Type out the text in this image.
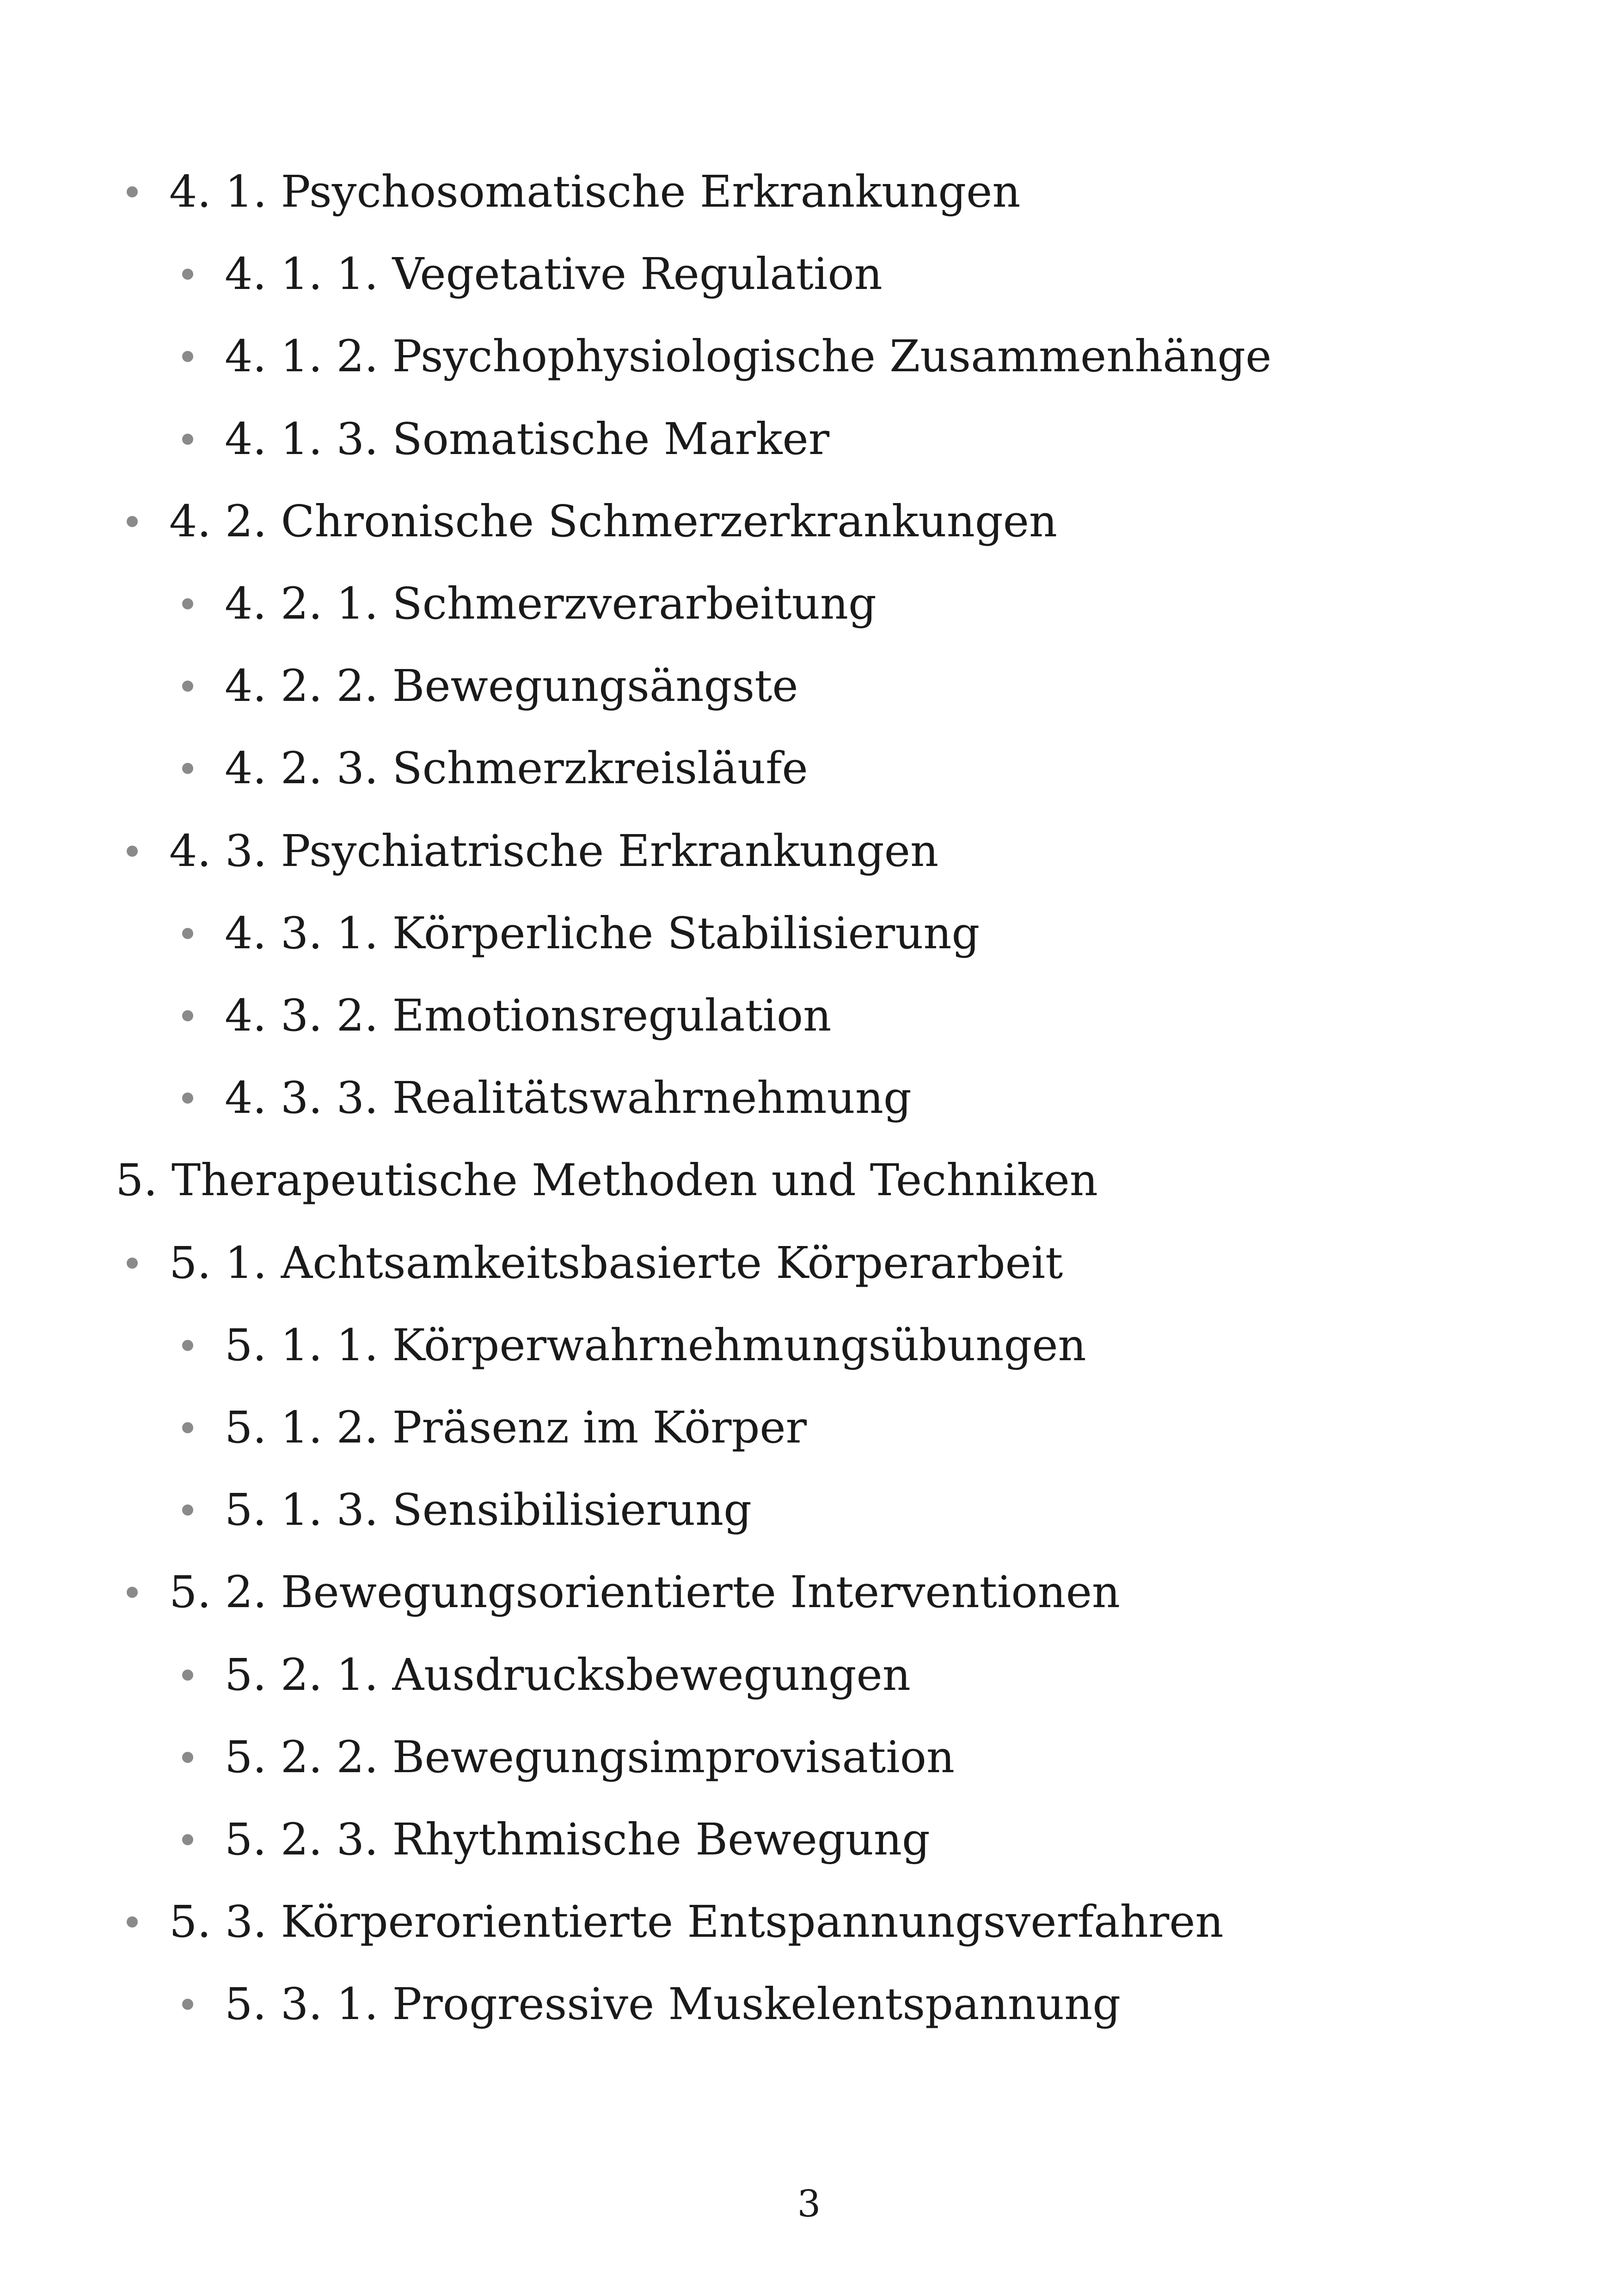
4. 1. Psychosomatische Erkrankungen
4. 1. 1. Vegetative Regulation
4. 1. 2. Psychophysiologische Zusammenhänge
4. 1. 3. Somatische Marker
4. 2. Chronische Schmerzerkrankungen
4. 2. 1. Schmerzverarbeitung
4. 2. 2. Bewegungsängste
4. 2. 3. Schmerzkreisläufe
4. 3. Psychiatrische Erkrankungen
4. 3. 1. Körperliche Stabilisierung
4. 3. 2. Emotionsregulation
4. 3. 3. Realitätswahrnehmung
5. Therapeutische Methoden und Techniken
5. 1. Achtsamkeitsbasierte Körperarbeit
5. 1. 1. Körperwahrnehmungsübungen
5. 1. 2. Präsenz im Körper
5. 1. 3. Sensibilisierung
5. 2. Bewegungsorientierte Interventionen
5. 2. 1. Ausdrucksbewegungen
5. 2. 2. Bewegungsimprovisation
5. 2. 3. Rhythmische Bewegung
5. 3. Körperorientierte Entspannungsverfahren
5. 3. 1. Progressive Muskelentspannung
3
